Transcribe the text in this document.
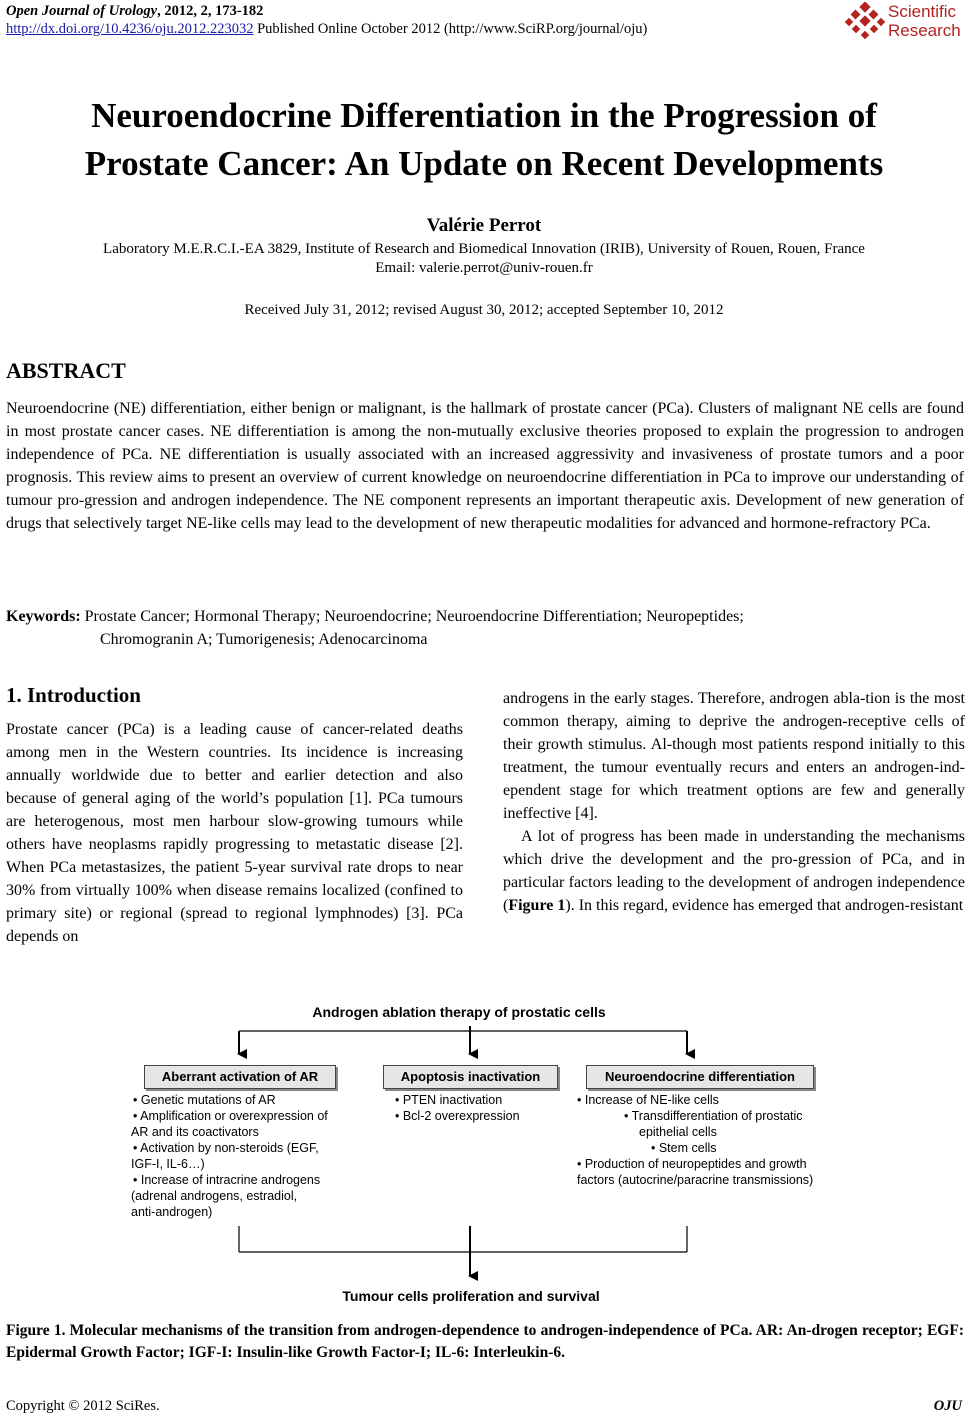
Open Journal of Urology, 2012, 2, 173-182
http://dx.doi.org/10.4236/oju.2012.223032 Published Online October 2012 (http://www.SciRP.org/journal/oju)
Scientific
Research
Neuroendocrine Differentiation in the Progression of
Prostate Cancer: An Update on Recent Developments
Valérie Perrot
Laboratory M.E.R.C.I.-EA 3829, Institute of Research and Biomedical Innovation (IRIB), University of Rouen, Rouen, France
Email: valerie.perrot@univ-rouen.fr
Received July 31, 2012; revised August 30, 2012; accepted September 10, 2012
ABSTRACT
Neuroendocrine (NE) differentiation, either benign or malignant, is the hallmark of prostate cancer (PCa). Clusters of malignant NE cells are found in most prostate cancer cases. NE differentiation is among the non-mutually exclusive theories proposed to explain the progression to androgen independence of PCa. NE differentiation is usually associated with an increased aggressivity and invasiveness of prostate tumors and a poor prognosis. This review aims to present an overview of current knowledge on neuroendocrine differentiation in PCa to improve our understanding of tumour pro-gression and androgen independence. The NE component represents an important therapeutic axis. Development of new generation of drugs that selectively target NE-like cells may lead to the development of new therapeutic modalities for advanced and hormone-refractory PCa.
Keywords: Prostate Cancer; Hormonal Therapy; Neuroendocrine; Neuroendocrine Differentiation; Neuropeptides;
Chromogranin A; Tumorigenesis; Adenocarcinoma
1. Introduction
Prostate cancer (PCa) is a leading cause of cancer-related deaths among men in the Western countries. Its incidence is increasing annually worldwide due to better and earlier detection and also because of general aging of the world’s population [1]. PCa tumours are heterogenous, most men harbour slow-growing tumours while others have neoplasms rapidly progressing to metastatic disease [2]. When PCa metastasizes, the patient 5-year survival rate drops to near 30% from virtually 100% when disease remains localized (confined to primary site) or regional (spread to regional lymphnodes) [3]. PCa depends on
androgens in the early stages. Therefore, androgen abla-tion is the most common therapy, aiming to deprive the androgen-receptive cells of their growth stimulus. Al-though most patients respond initially to this treatment, the tumour eventually recurs and enters an androgen-ind-ependent stage for which treatment options are few and generally ineffective [4].
A lot of progress has been made in understanding the mechanisms which drive the development and the pro-gression of PCa, and in particular factors leading to the development of androgen independence (Figure 1). In this regard, evidence has emerged that androgen-resistant
Androgen ablation therapy of prostatic cells
Tumour cells proliferation and survival
Aberrant activation of AR	Apoptosis inactivation	Neuroendocrine differentiation
• Genetic mutations of AR
• Amplification or overexpression of
AR and its coactivators
• Activation by non-steroids (EGF,
IGF-I, IL-6…)
• Increase of intracrine androgens
(adrenal androgens, estradiol,
anti-androgen)
• PTEN inactivation
• Bcl-2 overexpression
• Increase of NE-like cells
• Transdifferentiation of prostatic
epithelial cells
• Stem cells
• Production of neuropeptides and growth
factors (autocrine/paracrine transmissions)
Figure 1. Molecular mechanisms of the transition from androgen-dependence to androgen-independence of PCa. AR: An-drogen receptor; EGF: Epidermal Growth Factor; IGF-I: Insulin-like Growth Factor-I; IL-6: Interleukin-6.
Copyright © 2012 SciRes.	OJU
